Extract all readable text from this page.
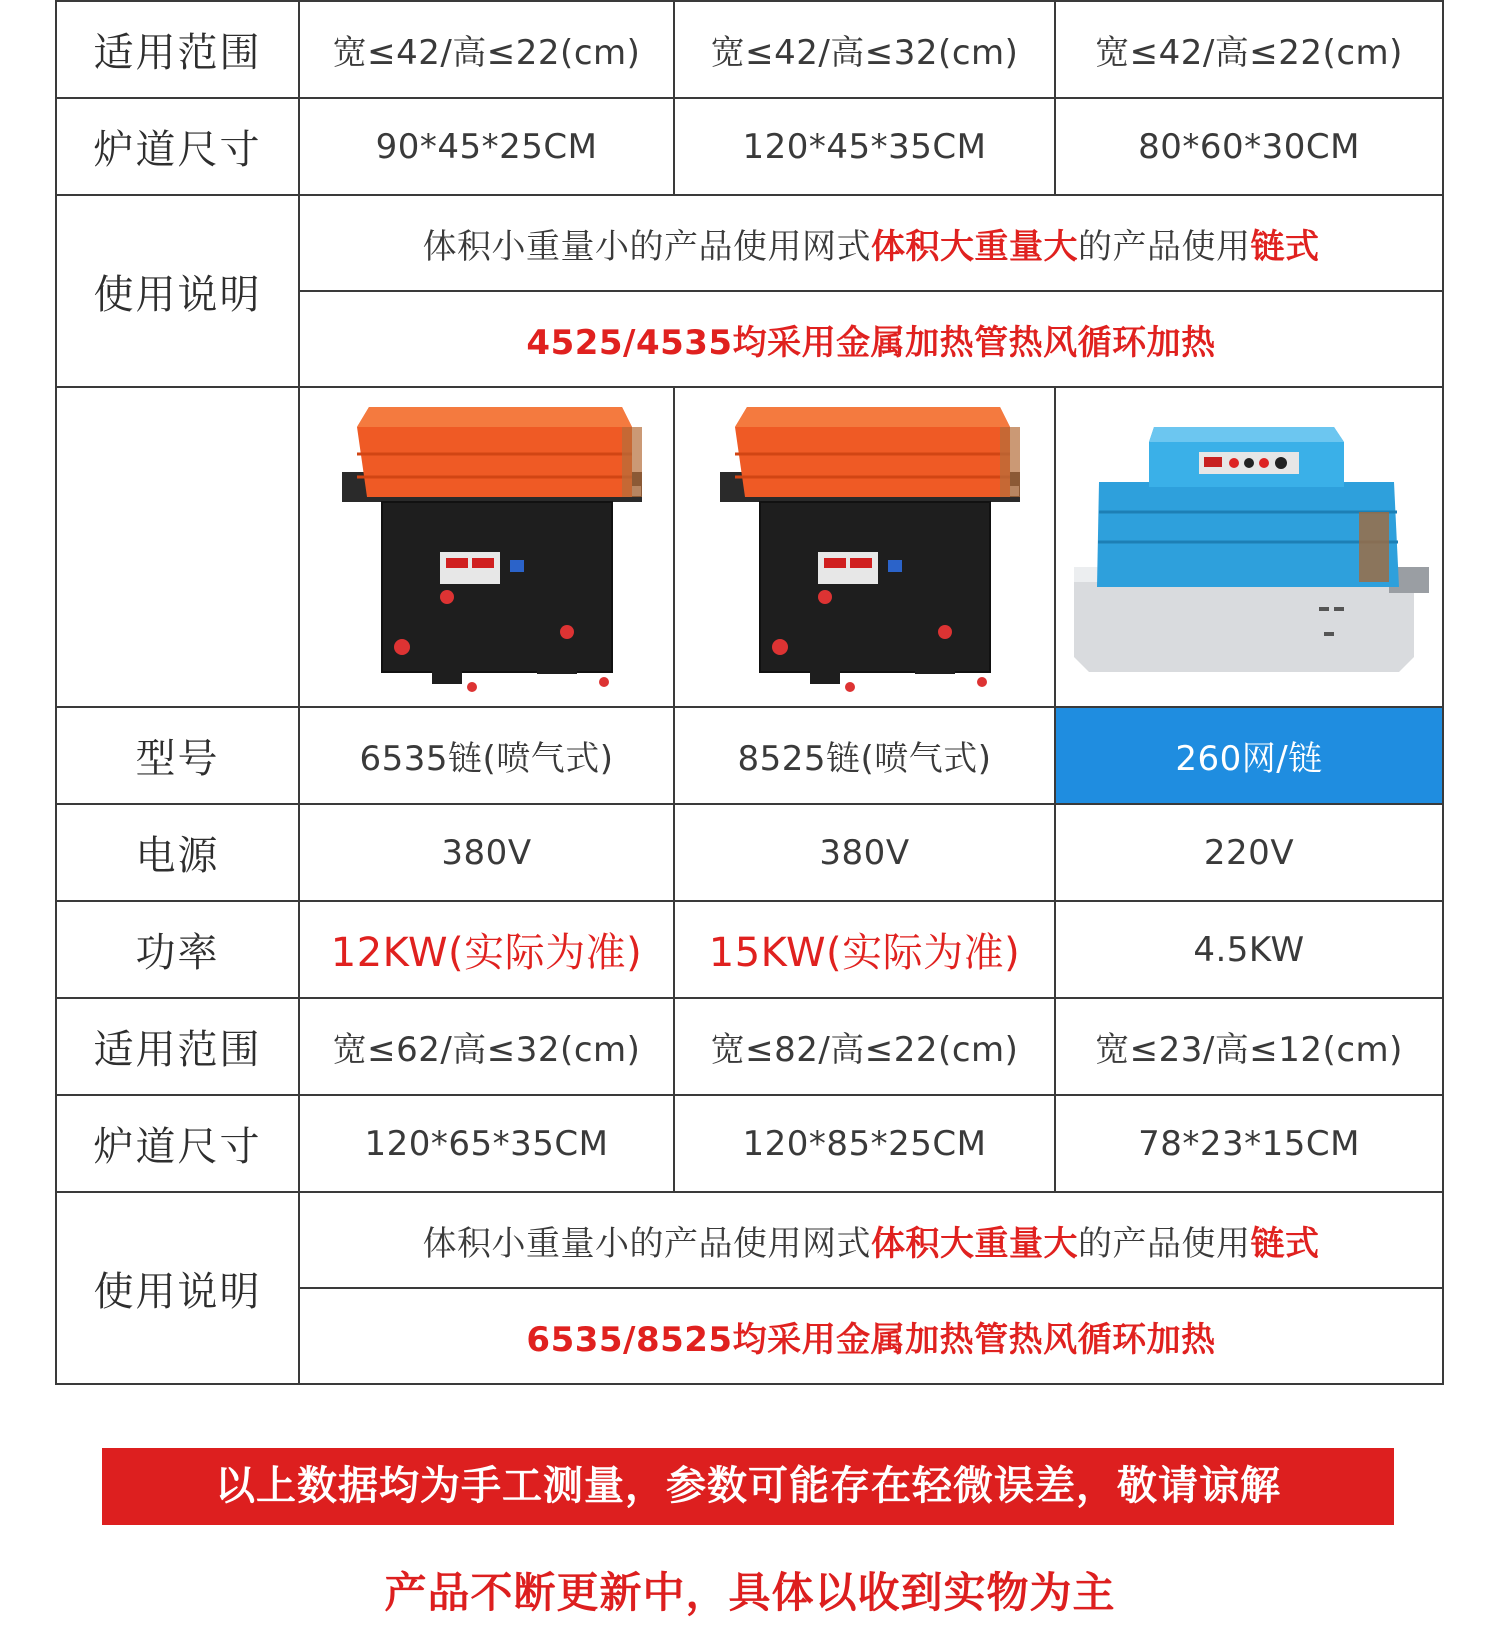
适用范围	宽≤42/高≤22(cm)	宽≤42/高≤32(cm)	宽≤42/高≤22(cm)
炉道尺寸	90*45*25CM	120*45*35CM	80*60*30CM
使用说明	体积小重量小的产品使用网式体积大重量大的产品使用链式		
	4525/4535均采用金属加热管热风循环加热		

型号	6535链(喷气式)	8525链(喷气式)	260网/链
电源	380V	380V	220V
功率	12KW(实际为准)	15KW(实际为准)	4.5KW
适用范围	宽≤62/高≤32(cm)	宽≤82/高≤22(cm)	宽≤23/高≤12(cm)
炉道尺寸	120*65*35CM	120*85*25CM	78*23*15CM
使用说明	体积小重量小的产品使用网式体积大重量大的产品使用链式		
	6535/8525均采用金属加热管热风循环加热		
以上数据均为手工测量，参数可能存在轻微误差，敬请谅解
产品不断更新中，具体以收到实物为主
